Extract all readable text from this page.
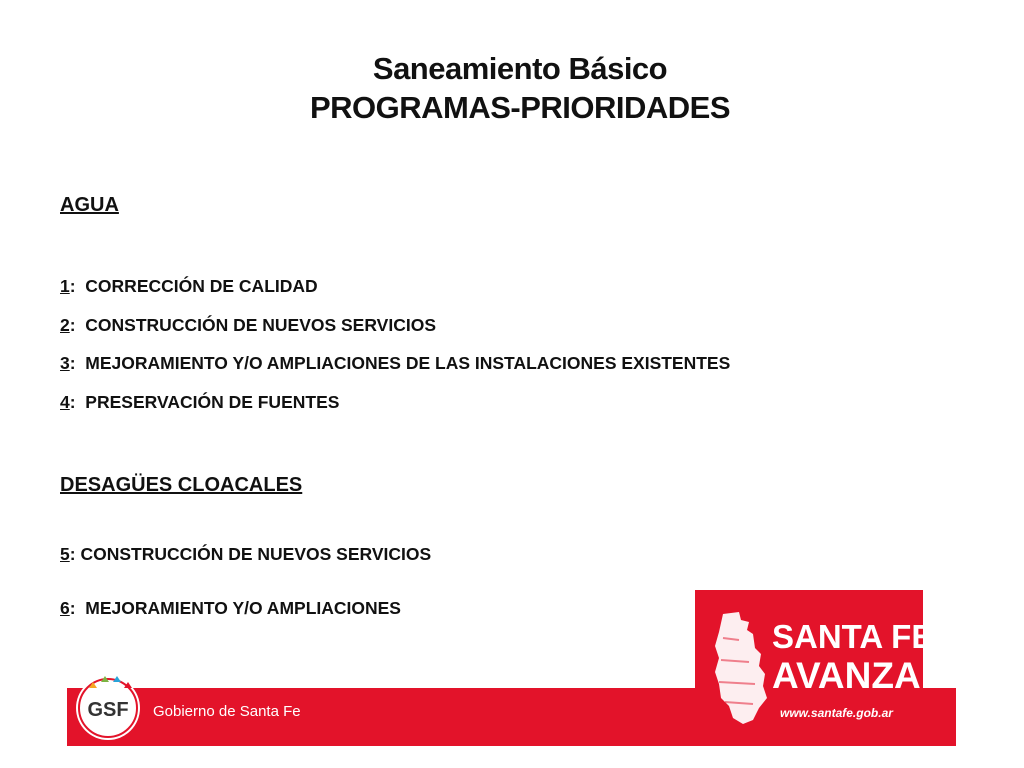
Saneamiento Básico
PROGRAMAS-PRIORIDADES
AGUA
1:  CORRECCIÓN DE CALIDAD
2:  CONSTRUCCIÓN DE NUEVOS SERVICIOS
3:  MEJORAMIENTO Y/O AMPLIACIONES DE LAS INSTALACIONES EXISTENTES
4:  PRESERVACIÓN DE FUENTES
DESAGÜES CLOACALES
5: CONSTRUCCIÓN DE NUEVOS SERVICIOS
6:  MEJORAMIENTO Y/O AMPLIACIONES
GSF Gobierno de Santa Fe
SANTA FE
AVANZA
www.santafe.gob.ar
